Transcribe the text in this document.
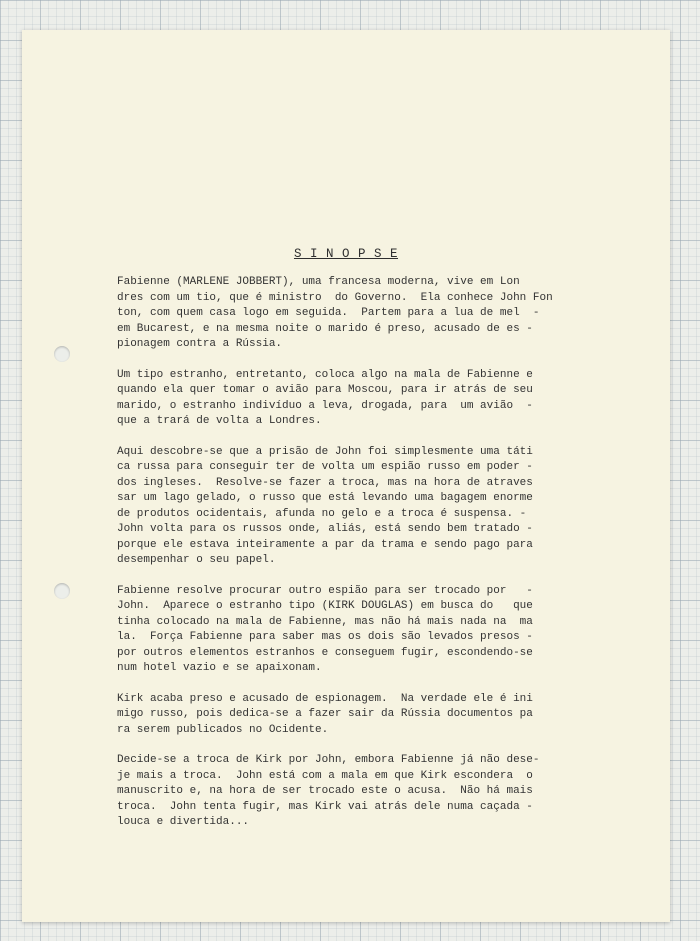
S I N O P S E
Fabienne (MARLENE JOBBERT), uma francesa moderna, vive em Lon
dres com um tio, que é ministro  do Governo.  Ela conhece John Fon
ton, com quem casa logo em seguida.  Partem para a lua de mel  -
em Bucarest, e na mesma noite o marido é preso, acusado de es -
pionagem contra a Rússia.
Um tipo estranho, entretanto, coloca algo na mala de Fabienne e
quando ela quer tomar o avião para Moscou, para ir atrás de seu
marido, o estranho indivíduo a leva, drogada, para  um avião  -
que a trará de volta a Londres.
Aqui descobre-se que a prisão de John foi simplesmente uma táti
ca russa para conseguir ter de volta um espião russo em poder -
dos ingleses.  Resolve-se fazer a troca, mas na hora de atraves
sar um lago gelado, o russo que está levando uma bagagem enorme
de produtos ocidentais, afunda no gelo e a troca é suspensa. -
John volta para os russos onde, aliás, está sendo bem tratado -
porque ele estava inteiramente a par da trama e sendo pago para
desempenhar o seu papel.
Fabienne resolve procurar outro espião para ser trocado por   -
John.  Aparece o estranho tipo (KIRK DOUGLAS) em busca do   que
tinha colocado na mala de Fabienne, mas não há mais nada na  ma
la.  Força Fabienne para saber mas os dois são levados presos -
por outros elementos estranhos e conseguem fugir, escondendo-se
num hotel vazio e se apaixonam.
Kirk acaba preso e acusado de espionagem.  Na verdade ele é ini
migo russo, pois dedica-se a fazer sair da Rússia documentos pa
ra serem publicados no Ocidente.
Decide-se a troca de Kirk por John, embora Fabienne já não dese-
je mais a troca.  John está com a mala em que Kirk escondera  o
manuscrito e, na hora de ser trocado este o acusa.  Não há mais
troca.  John tenta fugir, mas Kirk vai atrás dele numa caçada -
louca e divertida...
